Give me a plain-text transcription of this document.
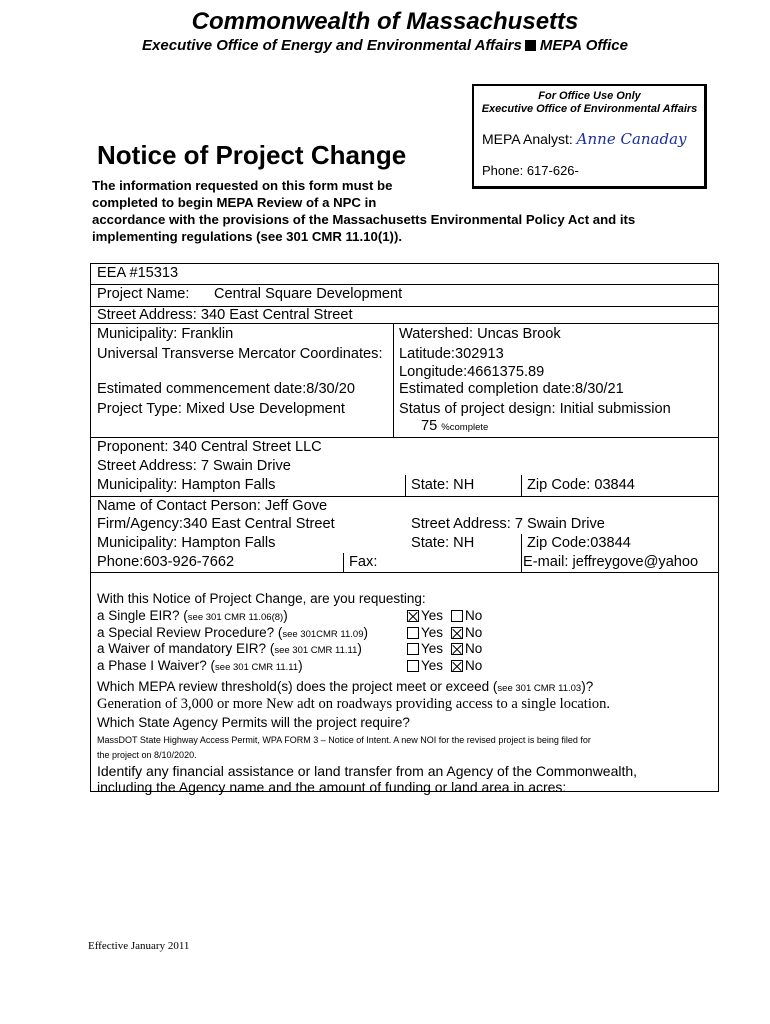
Commonwealth of Massachusetts
Executive Office of Energy and Environmental Affairs MEPA Office
For Office Use Only
Executive Office of Environmental Affairs
MEPA Analyst: Anne Canaday
Phone: 617-626-
Notice of Project Change
The information requested on this form must be
completed to begin MEPA Review of a NPC in
accordance with the provisions of the Massachusetts Environmental Policy Act and its
implementing regulations (see 301 CMR 11.10(1)).
EEA #15313
Project Name: Central Square Development
Street Address: 340 East Central Street
Municipality: Franklin	Watershed: Uncas Brook
Universal Transverse Mercator Coordinates: Latitude:302913
Longitude:4661375.89
Estimated commencement date:8/30/20	Estimated completion date:8/30/21
Project Type: Mixed Use Development	Status of project design: Initial submission
75 %complete
Proponent: 340 Central Street LLC
Street Address: 7 Swain Drive
Municipality: Hampton Falls	State: NH	Zip Code: 03844
Name of Contact Person: Jeff Gove
Firm/Agency:340 East Central Street	Street Address: 7 Swain Drive
Municipality: Hampton Falls	State: NH	Zip Code:03844
Phone:603-926-7662	Fax:	E-mail: jeffreygove@yahoo
With this Notice of Project Change, are you requesting:
a Single EIR? (see 301 CMR 11.06(8))	Yes No
a Special Review Procedure? (see 301CMR 11.09)	Yes No
a Waiver of mandatory EIR? (see 301 CMR 11.11)	Yes No
a Phase I Waiver? (see 301 CMR 11.11)	Yes No
Which MEPA review threshold(s) does the project meet or exceed (see 301 CMR 11.03)?
Generation of 3,000 or more New adt on roadways providing access to a single location.
Which State Agency Permits will the project require?
MassDOT State Highway Access Permit, WPA FORM 3 – Notice of Intent. A new NOI for the revised project is being filed for
the project on 8/10/2020.
Identify any financial assistance or land transfer from an Agency of the Commonwealth,
including the Agency name and the amount of funding or land area in acres:
Effective January 2011
